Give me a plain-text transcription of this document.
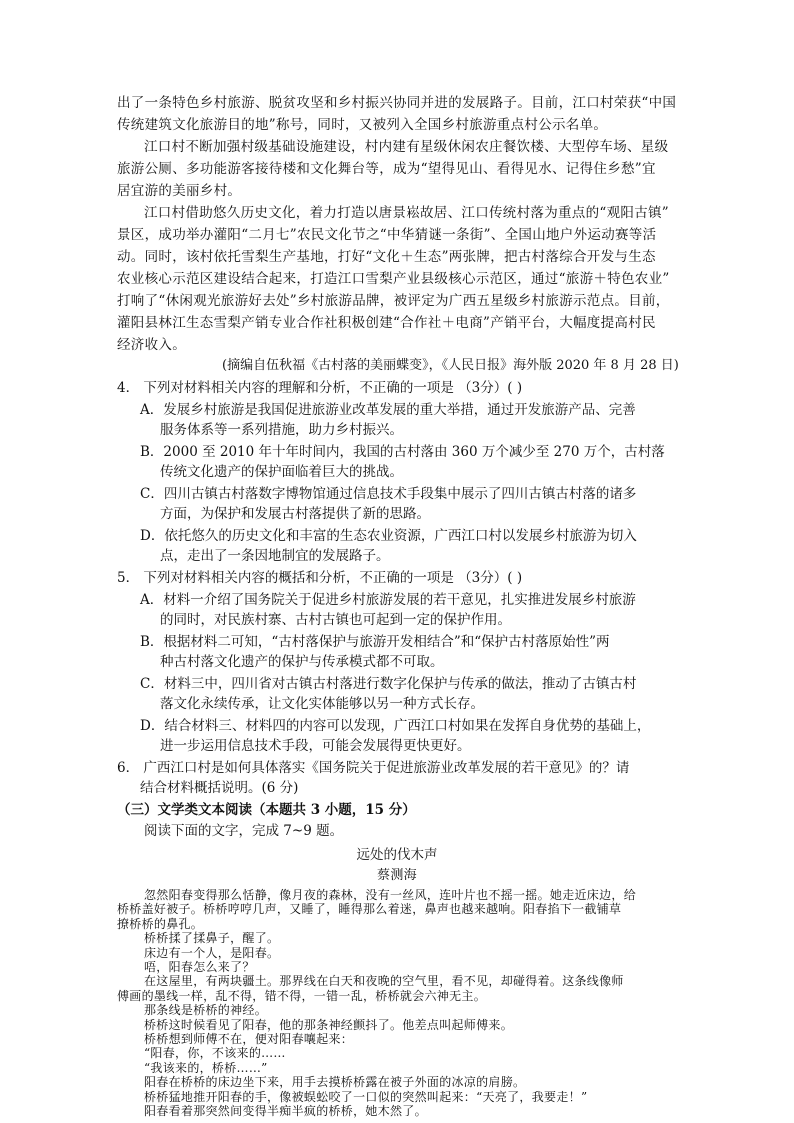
出了一条特色乡村旅游、脱贫攻坚和乡村振兴协同并进的发展路子。目前，江口村荣获“中国
传统建筑文化旅游目的地”称号，同时，又被列入全国乡村旅游重点村公示名单。
江口村不断加强村级基础设施建设，村内建有星级休闲农庄餐饮楼、大型停车场、星级
旅游公厕、多功能游客接待楼和文化舞台等，成为“望得见山、看得见水、记得住乡愁”宜
居宜游的美丽乡村。
江口村借助悠久历史文化，着力打造以唐景崧故居、江口传统村落为重点的“观阳古镇”
景区，成功举办灌阳“二月七”农民文化节之“中华猜谜一条街”、全国山地户外运动赛等活
动。同时，该村依托雪梨生产基地，打好“文化＋生态”两张牌，把古村落综合开发与生态
农业核心示范区建设结合起来，打造江口雪梨产业县级核心示范区，通过“旅游＋特色农业”
打响了“休闲观光旅游好去处”乡村旅游品牌，被评定为广西五星级乡村旅游示范点。目前，
灌阳县林江生态雪梨产销专业合作社积极创建“合作社＋电商”产销平台，大幅度提高村民
经济收入。
(摘编自伍秋福《古村落的美丽蝶变》，《人民日报》海外版 2020 年 8 月 28 日)
4． 下列对材料相关内容的理解和分析，不正确的一项是 （3分）( )
A．发展乡村旅游是我国促进旅游业改革发展的重大举措，通过开发旅游产品、完善
服务体系等一系列措施，助力乡村振兴。
B．2000 至 2010 年十年时间内，我国的古村落由 360 万个减少至 270 万个，古村落
传统文化遗产的保护面临着巨大的挑战。
C．四川古镇古村落数字博物馆通过信息技术手段集中展示了四川古镇古村落的诸多
方面，为保护和发展古村落提供了新的思路。
D．依托悠久的历史文化和丰富的生态农业资源，广西江口村以发展乡村旅游为切入
点，走出了一条因地制宜的发展路子。
5． 下列对材料相关内容的概括和分析，不正确的一项是 （3分）( )
A．材料一介绍了国务院关于促进乡村旅游发展的若干意见，扎实推进发展乡村旅游
的同时，对民族村寨、古村古镇也可起到一定的保护作用。
B．根据材料二可知，“古村落保护与旅游开发相结合”和“保护古村落原始性”两
种古村落文化遗产的保护与传承模式都不可取。
C．材料三中，四川省对古镇古村落进行数字化保护与传承的做法，推动了古镇古村
落文化永续传承，让文化实体能够以另一种方式长存。
D．结合材料三、材料四的内容可以发现，广西江口村如果在发挥自身优势的基础上，
进一步运用信息技术手段，可能会发展得更快更好。
6． 广西江口村是如何具体落实《国务院关于促进旅游业改革发展的若干意见》的？请
结合材料概括说明。(6 分)
（三）文学类文本阅读（本题共 3 小题，15 分）
阅读下面的文字，完成 7~9 题。
远处的伐木声
蔡测海
忽然阳春变得那么恬静，像月夜的森林，没有一丝风，连叶片也不摇一摇。她走近床边，给
桥桥盖好被子。桥桥哼哼几声，又睡了，睡得那么着迷，鼻声也越来越响。阳春掐下一截铺草
撩桥桥的鼻孔。
桥桥揉了揉鼻子，醒了。
床边有一个人，是阳春。
唔，阳春怎么来了？
在这屋里，有两块疆土。那界线在白天和夜晚的空气里，看不见，却碰得着。这条线像师
傅画的墨线一样，乱不得，错不得，一错一乱，桥桥就会六神无主。
那条线是桥桥的神经。
桥桥这时候看见了阳春，他的那条神经颤抖了。他差点叫起师傅来。
桥桥想到师傅不在，便对阳春嚷起来：
“阳春，你，不该来的……
“我该来的，桥桥……”
阳春在桥桥的床边坐下来，用手去摸桥桥露在被子外面的冰凉的肩膀。
桥桥猛地推开阳春的手，像被蜈蚣咬了一口似的突然叫起来：“天亮了，我要走！”
阳春看着那突然间变得半痴半疯的桥桥，她木然了。
